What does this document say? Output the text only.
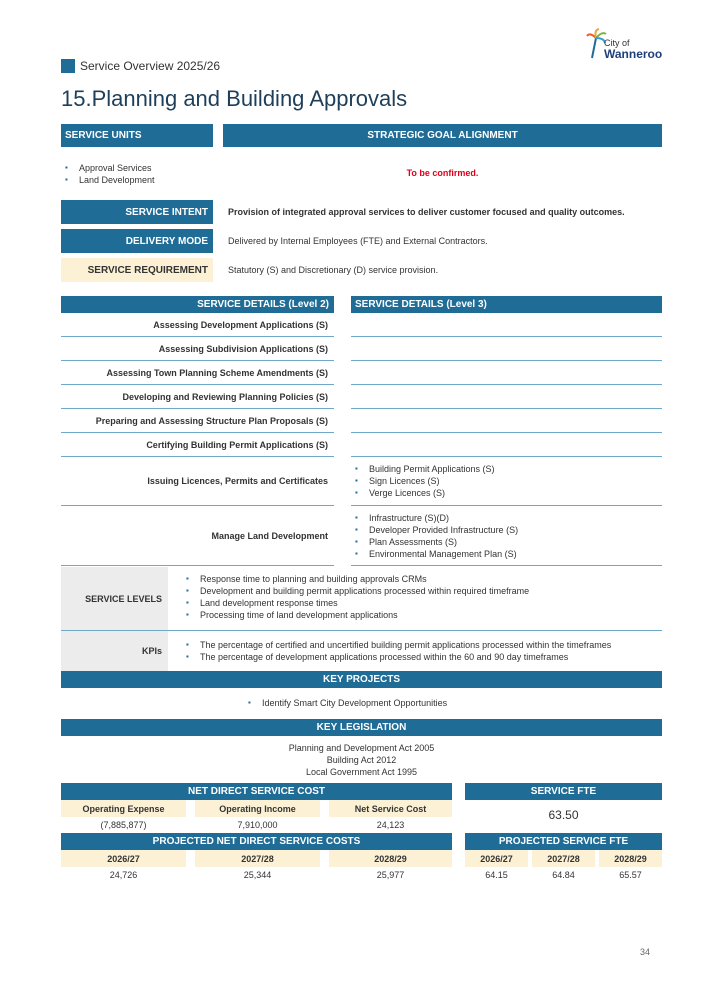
City of
Wanneroo
Service Overview 2025/26
15.Planning and Building Approvals
SERVICE UNITS	STRATEGIC GOAL ALIGNMENT
▪ Approval Services
▪ Land Development
To be confirmed.
SERVICE INTENT	Provision of integrated approval services to deliver customer focused and quality outcomes.
DELIVERY MODE	Delivered by Internal Employees (FTE) and External Contractors.
SERVICE REQUIREMENT	Statutory (S) and Discretionary (D) service provision.
SERVICE DETAILS (Level 2)	SERVICE DETAILS (Level 3)
Assessing Development Applications (S)
Assessing Subdivision Applications (S)
Assessing Town Planning Scheme Amendments (S)
Developing and Reviewing Planning Policies (S)
Preparing and Assessing Structure Plan Proposals (S)
Certifying Building Permit Applications (S)
Issuing Licences, Permits and Certificates
▪ Building Permit Applications (S)
▪ Sign Licences (S)
▪ Verge Licences (S)
Manage Land Development
▪ Infrastructure (S)(D)
▪ Developer Provided Infrastructure (S)
▪ Plan Assessments (S)
▪ Environmental Management Plan (S)
SERVICE LEVELS
▪ Response time to planning and building approvals CRMs
▪ Development and building permit applications processed within required timeframe
▪ Land development response times
▪ Processing time of land development applications
KPIs
▪ The percentage of certified and uncertified building permit applications processed within the timeframes
▪ The percentage of development applications processed within the 60 and 90 day timeframes
KEY PROJECTS
▪ Identify Smart City Development Opportunities
KEY LEGISLATION
Planning and Development Act 2005
Building Act 2012
Local Government Act 1995
NET DIRECT SERVICE COST
Operating Expense	Operating Income	Net Service Cost
(7,885,877)	7,910,000	24,123
SERVICE FTE
63.50
PROJECTED NET DIRECT SERVICE COSTS
2026/27	2027/28	2028/29
24,726	25,344	25,977
PROJECTED SERVICE FTE
2026/27	2027/28	2028/29
64.15	64.84	65.57
34
